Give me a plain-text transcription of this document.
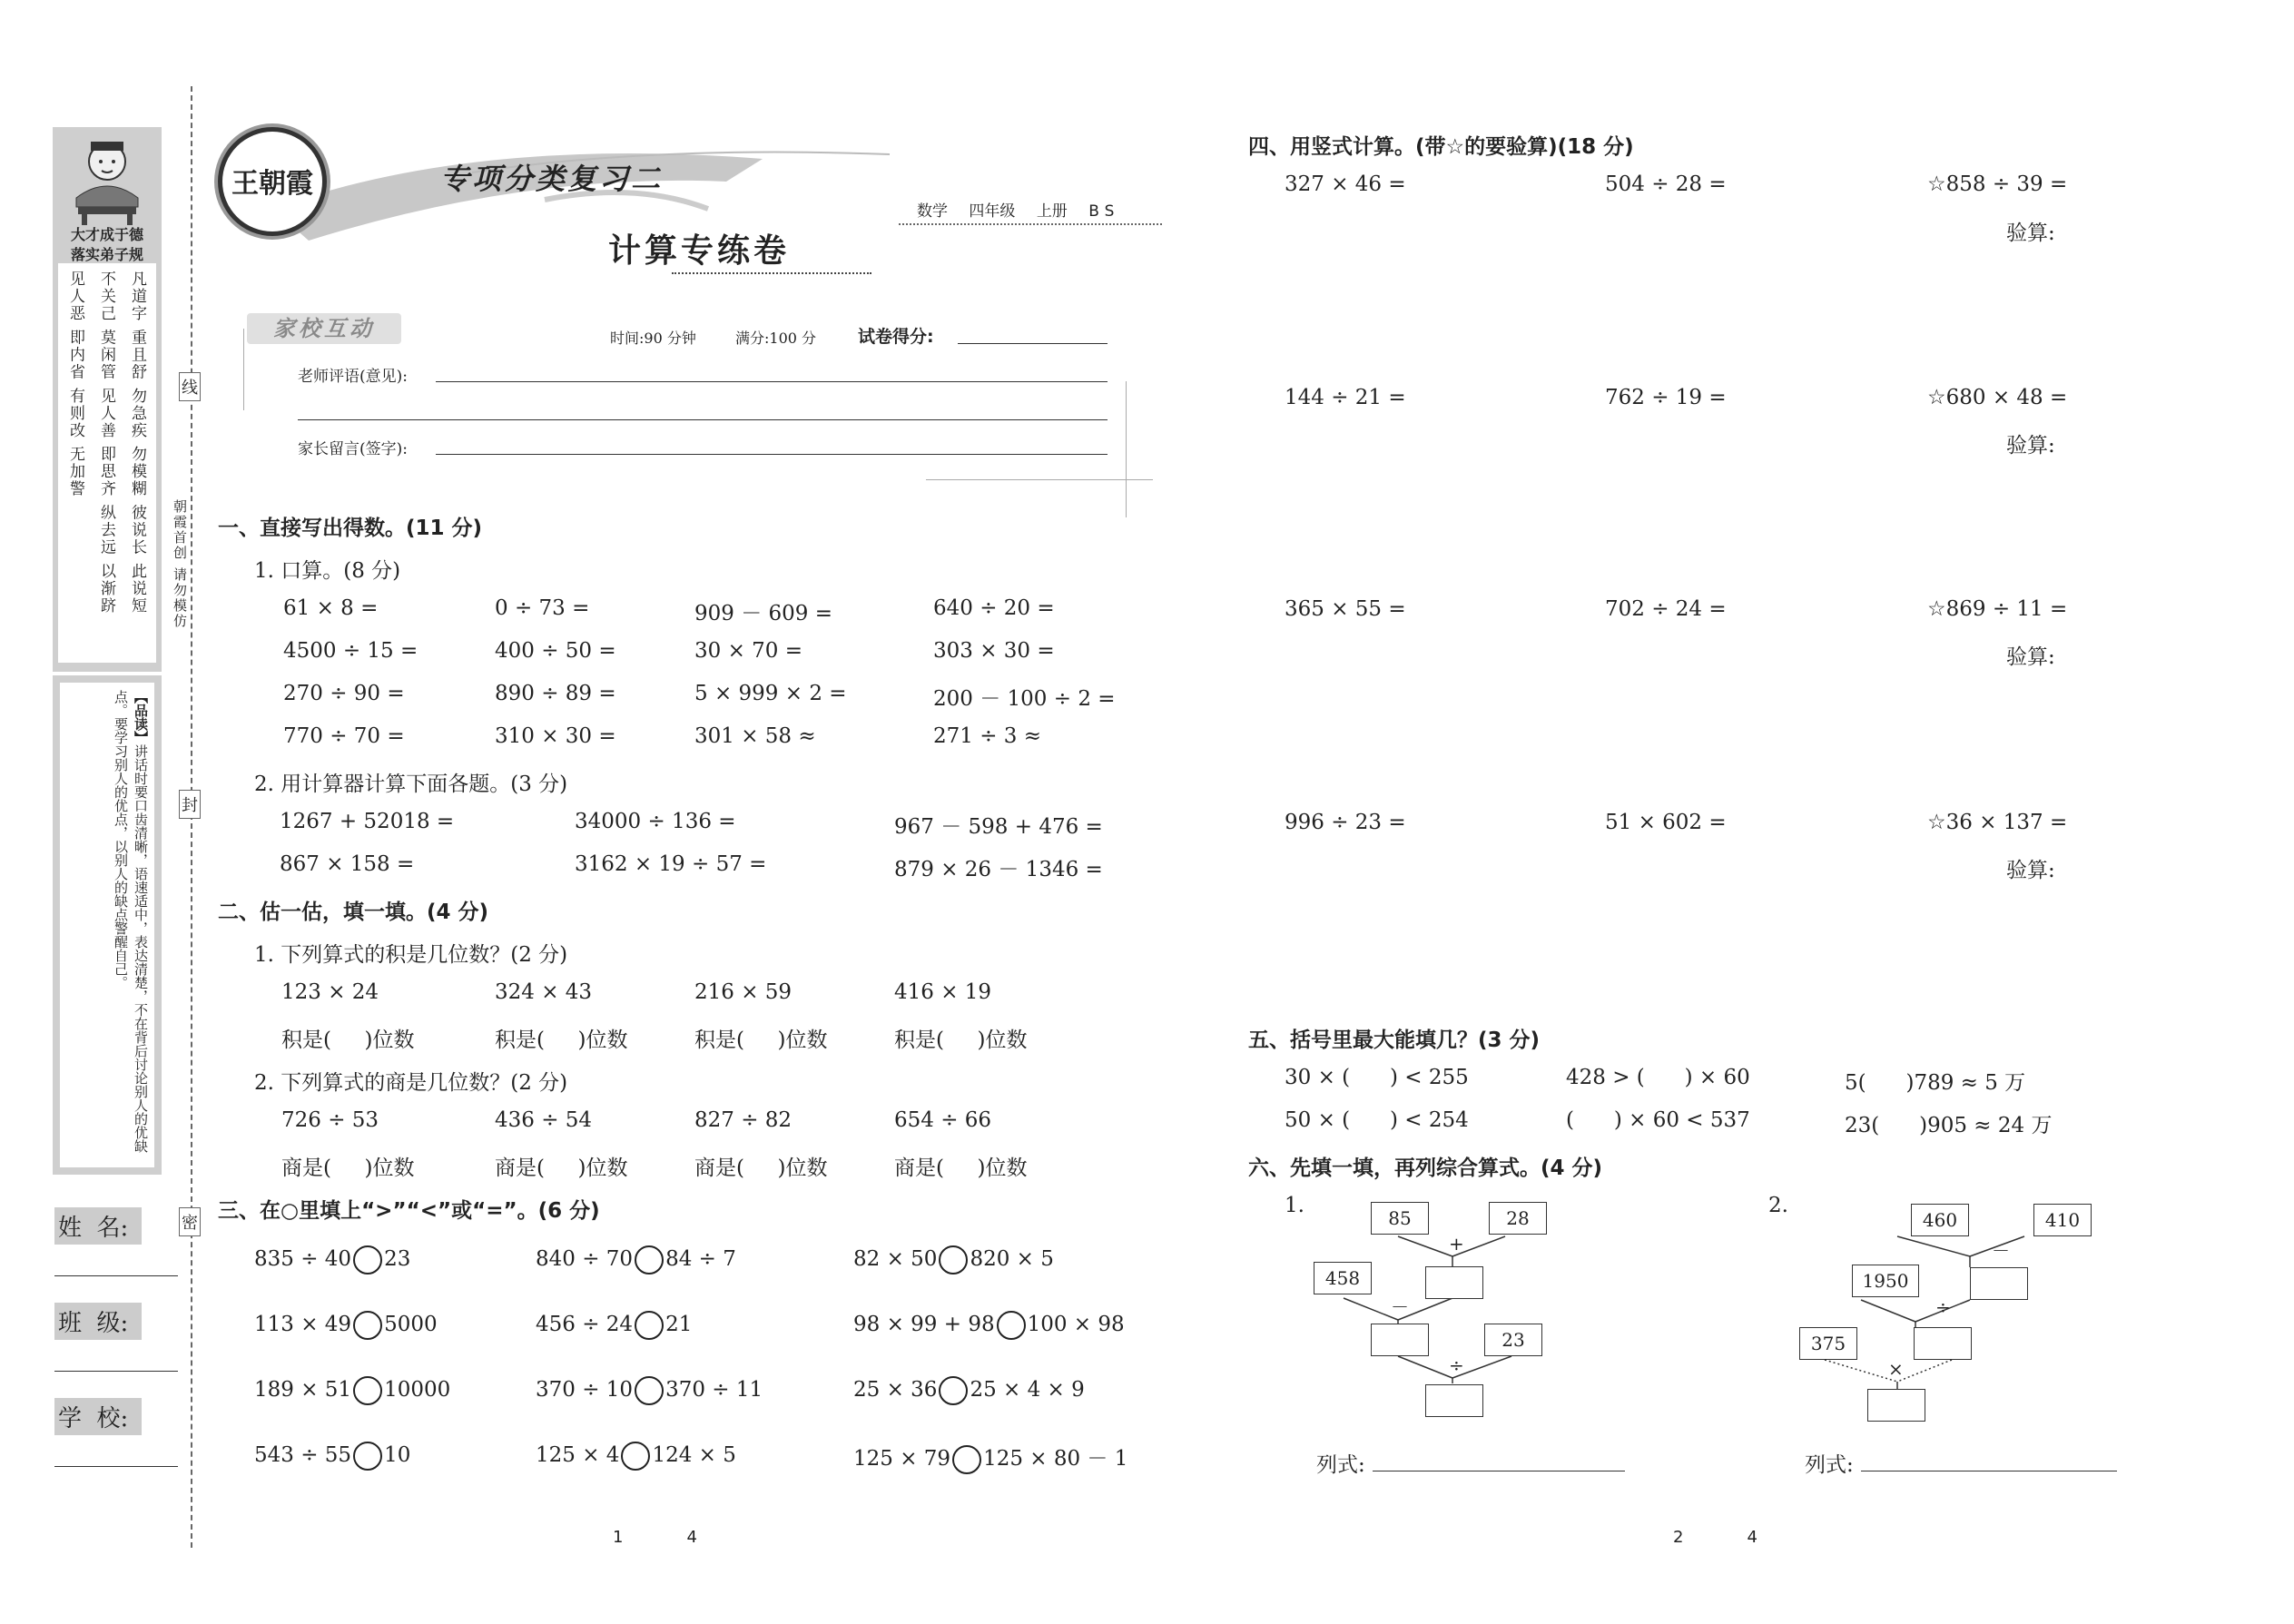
大才成于德
落实弟子规
凡道字 重且舒 勿急疾 勿模糊 彼说长 此说短
不关己 莫闲管 见人善 即思齐 纵去远 以渐跻
见人恶 即内省 有则改 无加警
【品读】讲话时要口齿清晰，语速适中，表达清楚，不在背后讨论别人的优缺点。要学习别人的优点，以别人的缺点警醒自己。
姓  名:
班  级:
学  校:
线
封
密
朝霞首创 请勿模仿
王朝霞	专项分类复习二
计算专练卷
数学 四年级 上册 BS
家校互动	时间:90 分钟	满分:100 分 试卷得分:
老师评语(意见):
家长留言(签字):
一、直接写出得数。(11 分)
1. 口算。(8 分)
61 × 8 =	0 ÷ 73 =	909 － 609 =	640 ÷ 20 =
4500 ÷ 15 =	400 ÷ 50 =	30 × 70 =	303 × 30 =
270 ÷ 90 =	890 ÷ 89 =	5 × 999 × 2 =	200 － 100 ÷ 2 =
770 ÷ 70 =	310 × 30 =	301 × 58 ≈	271 ÷ 3 ≈
2. 用计算器计算下面各题。(3 分)
1267 + 52018 =	34000 ÷ 136 =	967 － 598 + 476 =
867 × 158 =	3162 × 19 ÷ 57 =	879 × 26 － 1346 =
二、估一估，填一填。(4 分)
1. 下列算式的积是几位数？(2 分)
123 × 24	324 × 43	216 × 59	416 × 19
积是(     )位数	积是(     )位数	积是(     )位数	积是(     )位数
2. 下列算式的商是几位数？(2 分)
726 ÷ 53	436 ÷ 54	827 ÷ 82	654 ÷ 66
商是(     )位数	商是(     )位数	商是(     )位数	商是(     )位数
三、在○里填上“>”“<”或“=”。(6 分)
835 ÷ 40 23	840 ÷ 70 84 ÷ 7	82 × 50 820 × 5
113 × 49 5000	456 ÷ 24 21	98 × 99 + 98 100 × 98
189 × 51 10000	370 ÷ 10 370 ÷ 11	25 × 36 25 × 4 × 9
543 ÷ 55 10	125 × 4 124 × 5	125 × 79 125 × 80 － 1
1	4
四、用竖式计算。(带☆的要验算)(18 分)
327 × 46 =	504 ÷ 28 =	☆858 ÷ 39 =
验算:
144 ÷ 21 =	762 ÷ 19 =	☆680 × 48 =
验算:
365 × 55 =	702 ÷ 24 =	☆869 ÷ 11 =
验算:
996 ÷ 23 =	51 × 602 =	☆36 × 137 =
验算:
五、括号里最大能填几？(3 分)
30 × (      ) < 255	428 > (      ) × 60	5(      )789 ≈ 5 万
50 × (      ) < 254	(      ) × 60 < 537	23(      )905 ≈ 24 万
六、先填一填，再列综合算式。(4 分)
1.
85	28
+
458
－
23
÷
列式:
2.
460	410
－
1950
÷
375
×
列式:
2	4
